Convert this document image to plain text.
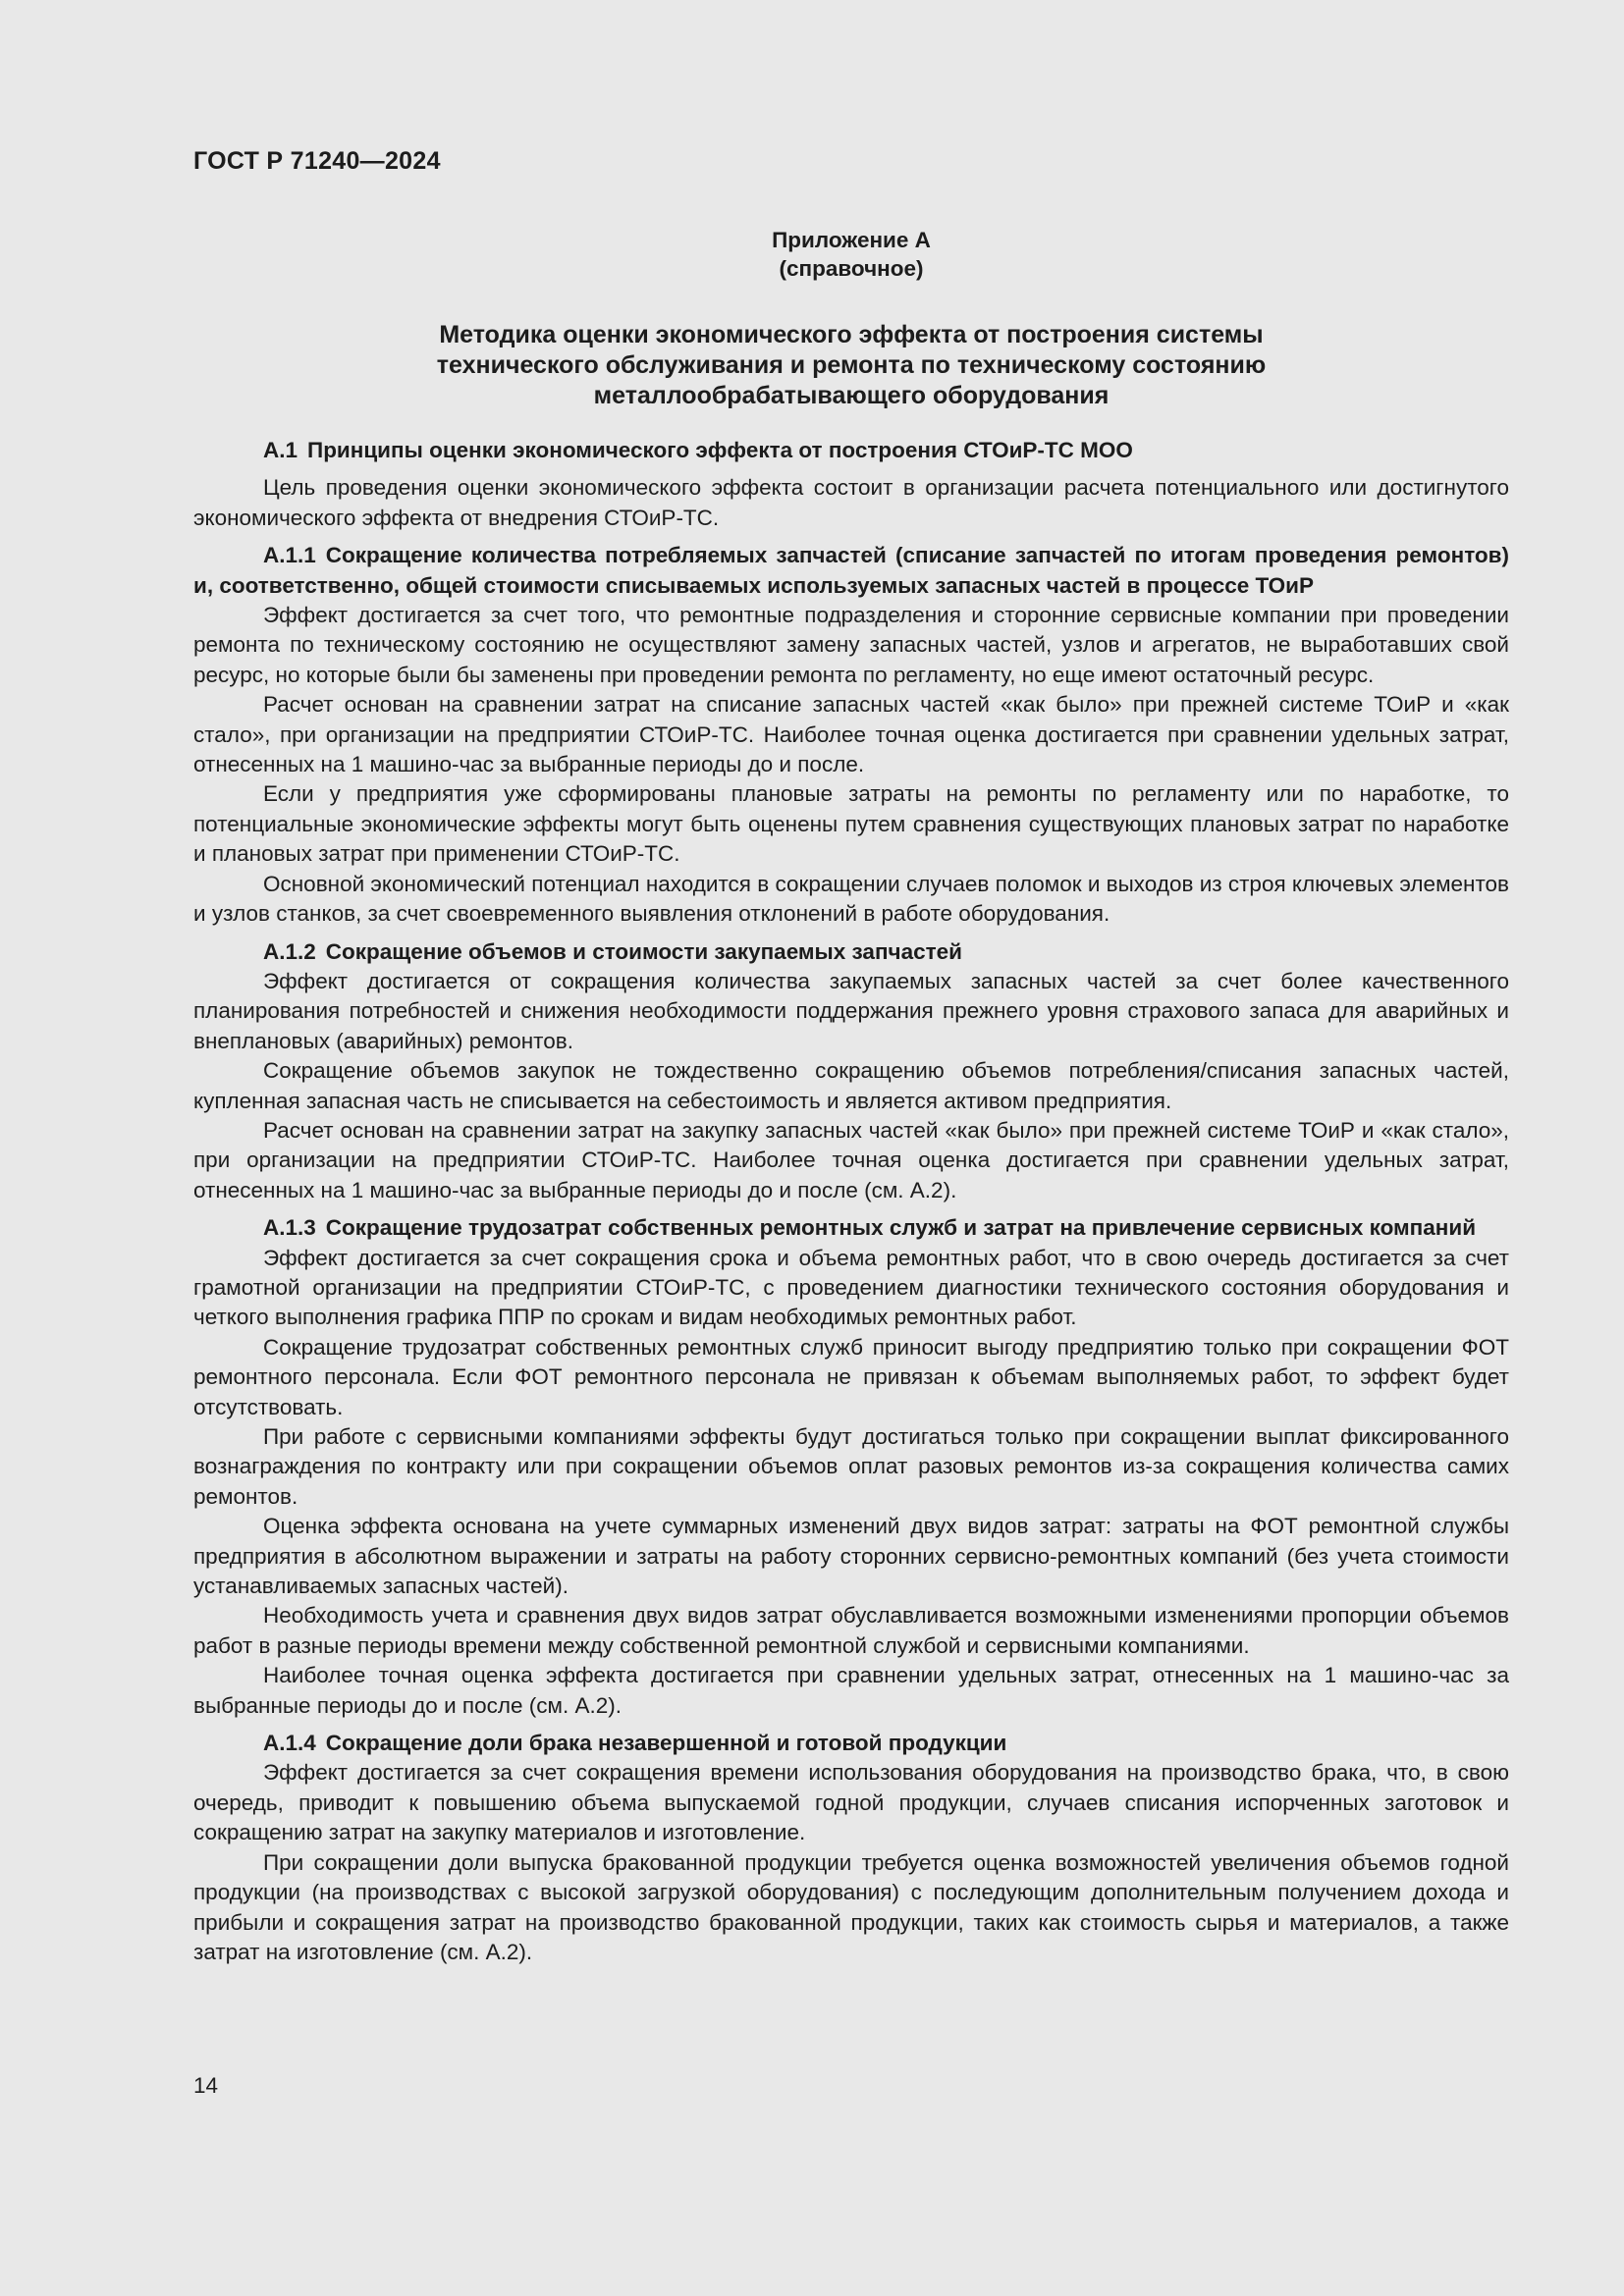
ГОСТ Р 71240—2024
Приложение А
(справочное)
Методика оценки экономического эффекта от построения системы
технического обслуживания и ремонта по техническому состоянию
металлообрабатывающего оборудования
А.1 Принципы оценки экономического эффекта от построения СТОиР-ТС МОО

Цель проведения оценки экономического эффекта состоит в организации расчета потенциального или достигнутого экономического эффекта от внедрения СТОиР-ТС.

А.1.1 Сокращение количества потребляемых запчастей (списание запчастей по итогам проведения ремонтов) и, соответственно, общей стоимости списываемых используемых запасных частей в процессе ТОиР

Эффект достигается за счет того, что ремонтные подразделения и сторонние сервисные компании при проведении ремонта по техническому состоянию не осуществляют замену запасных частей, узлов и агрегатов, не выработавших свой ресурс, но которые были бы заменены при проведении ремонта по регламенту, но еще имеют остаточный ресурс.

Расчет основан на сравнении затрат на списание запасных частей «как было» при прежней системе ТОиР и «как стало», при организации на предприятии СТОиР-ТС. Наиболее точная оценка достигается при сравнении удельных затрат, отнесенных на 1 машино-час за выбранные периоды до и после.

Если у предприятия уже сформированы плановые затраты на ремонты по регламенту или по наработке, то потенциальные экономические эффекты могут быть оценены путем сравнения существующих плановых затрат по наработке и плановых затрат при применении СТОиР-ТС.

Основной экономический потенциал находится в сокращении случаев поломок и выходов из строя ключевых элементов и узлов станков, за счет своевременного выявления отклонений в работе оборудования.

А.1.2 Сокращение объемов и стоимости закупаемых запчастей

Эффект достигается от сокращения количества закупаемых запасных частей за счет более качественного планирования потребностей и снижения необходимости поддержания прежнего уровня страхового запаса для аварийных и внеплановых (аварийных) ремонтов.

Сокращение объемов закупок не тождественно сокращению объемов потребления/списания запасных частей, купленная запасная часть не списывается на себестоимость и является активом предприятия.

Расчет основан на сравнении затрат на закупку запасных частей «как было» при прежней системе ТОиР и «как стало», при организации на предприятии СТОиР-ТС. Наиболее точная оценка достигается при сравнении удельных затрат, отнесенных на 1 машино-час за выбранные периоды до и после (см. А.2).

А.1.3 Сокращение трудозатрат собственных ремонтных служб и затрат на привлечение сервисных компаний

Эффект достигается за счет сокращения срока и объема ремонтных работ, что в свою очередь достигается за счет грамотной организации на предприятии СТОиР-ТС, с проведением диагностики технического состояния оборудования и четкого выполнения графика ППР по срокам и видам необходимых ремонтных работ.

Сокращение трудозатрат собственных ремонтных служб приносит выгоду предприятию только при сокращении ФОТ ремонтного персонала. Если ФОТ ремонтного персонала не привязан к объемам выполняемых работ, то эффект будет отсутствовать.

При работе с сервисными компаниями эффекты будут достигаться только при сокращении выплат фиксированного вознаграждения по контракту или при сокращении объемов оплат разовых ремонтов из-за сокращения количества самих ремонтов.

Оценка эффекта основана на учете суммарных изменений двух видов затрат: затраты на ФОТ ремонтной службы предприятия в абсолютном выражении и затраты на работу сторонних сервисно-ремонтных компаний (без учета стоимости устанавливаемых запасных частей).

Необходимость учета и сравнения двух видов затрат обуславливается возможными изменениями пропорции объемов работ в разные периоды времени между собственной ремонтной службой и сервисными компаниями.

Наиболее точная оценка эффекта достигается при сравнении удельных затрат, отнесенных на 1 машино-час за выбранные периоды до и после (см. А.2).

А.1.4 Сокращение доли брака незавершенной и готовой продукции

Эффект достигается за счет сокращения времени использования оборудования на производство брака, что, в свою очередь, приводит к повышению объема выпускаемой годной продукции, случаев списания испорченных заготовок и сокращению затрат на закупку материалов и изготовление.

При сокращении доли выпуска бракованной продукции требуется оценка возможностей увеличения объемов годной продукции (на производствах с высокой загрузкой оборудования) с последующим дополнительным получением дохода и прибыли и сокращения затрат на производство бракованной продукции, таких как стоимость сырья и материалов, а также затрат на изготовление (см. А.2).

14
